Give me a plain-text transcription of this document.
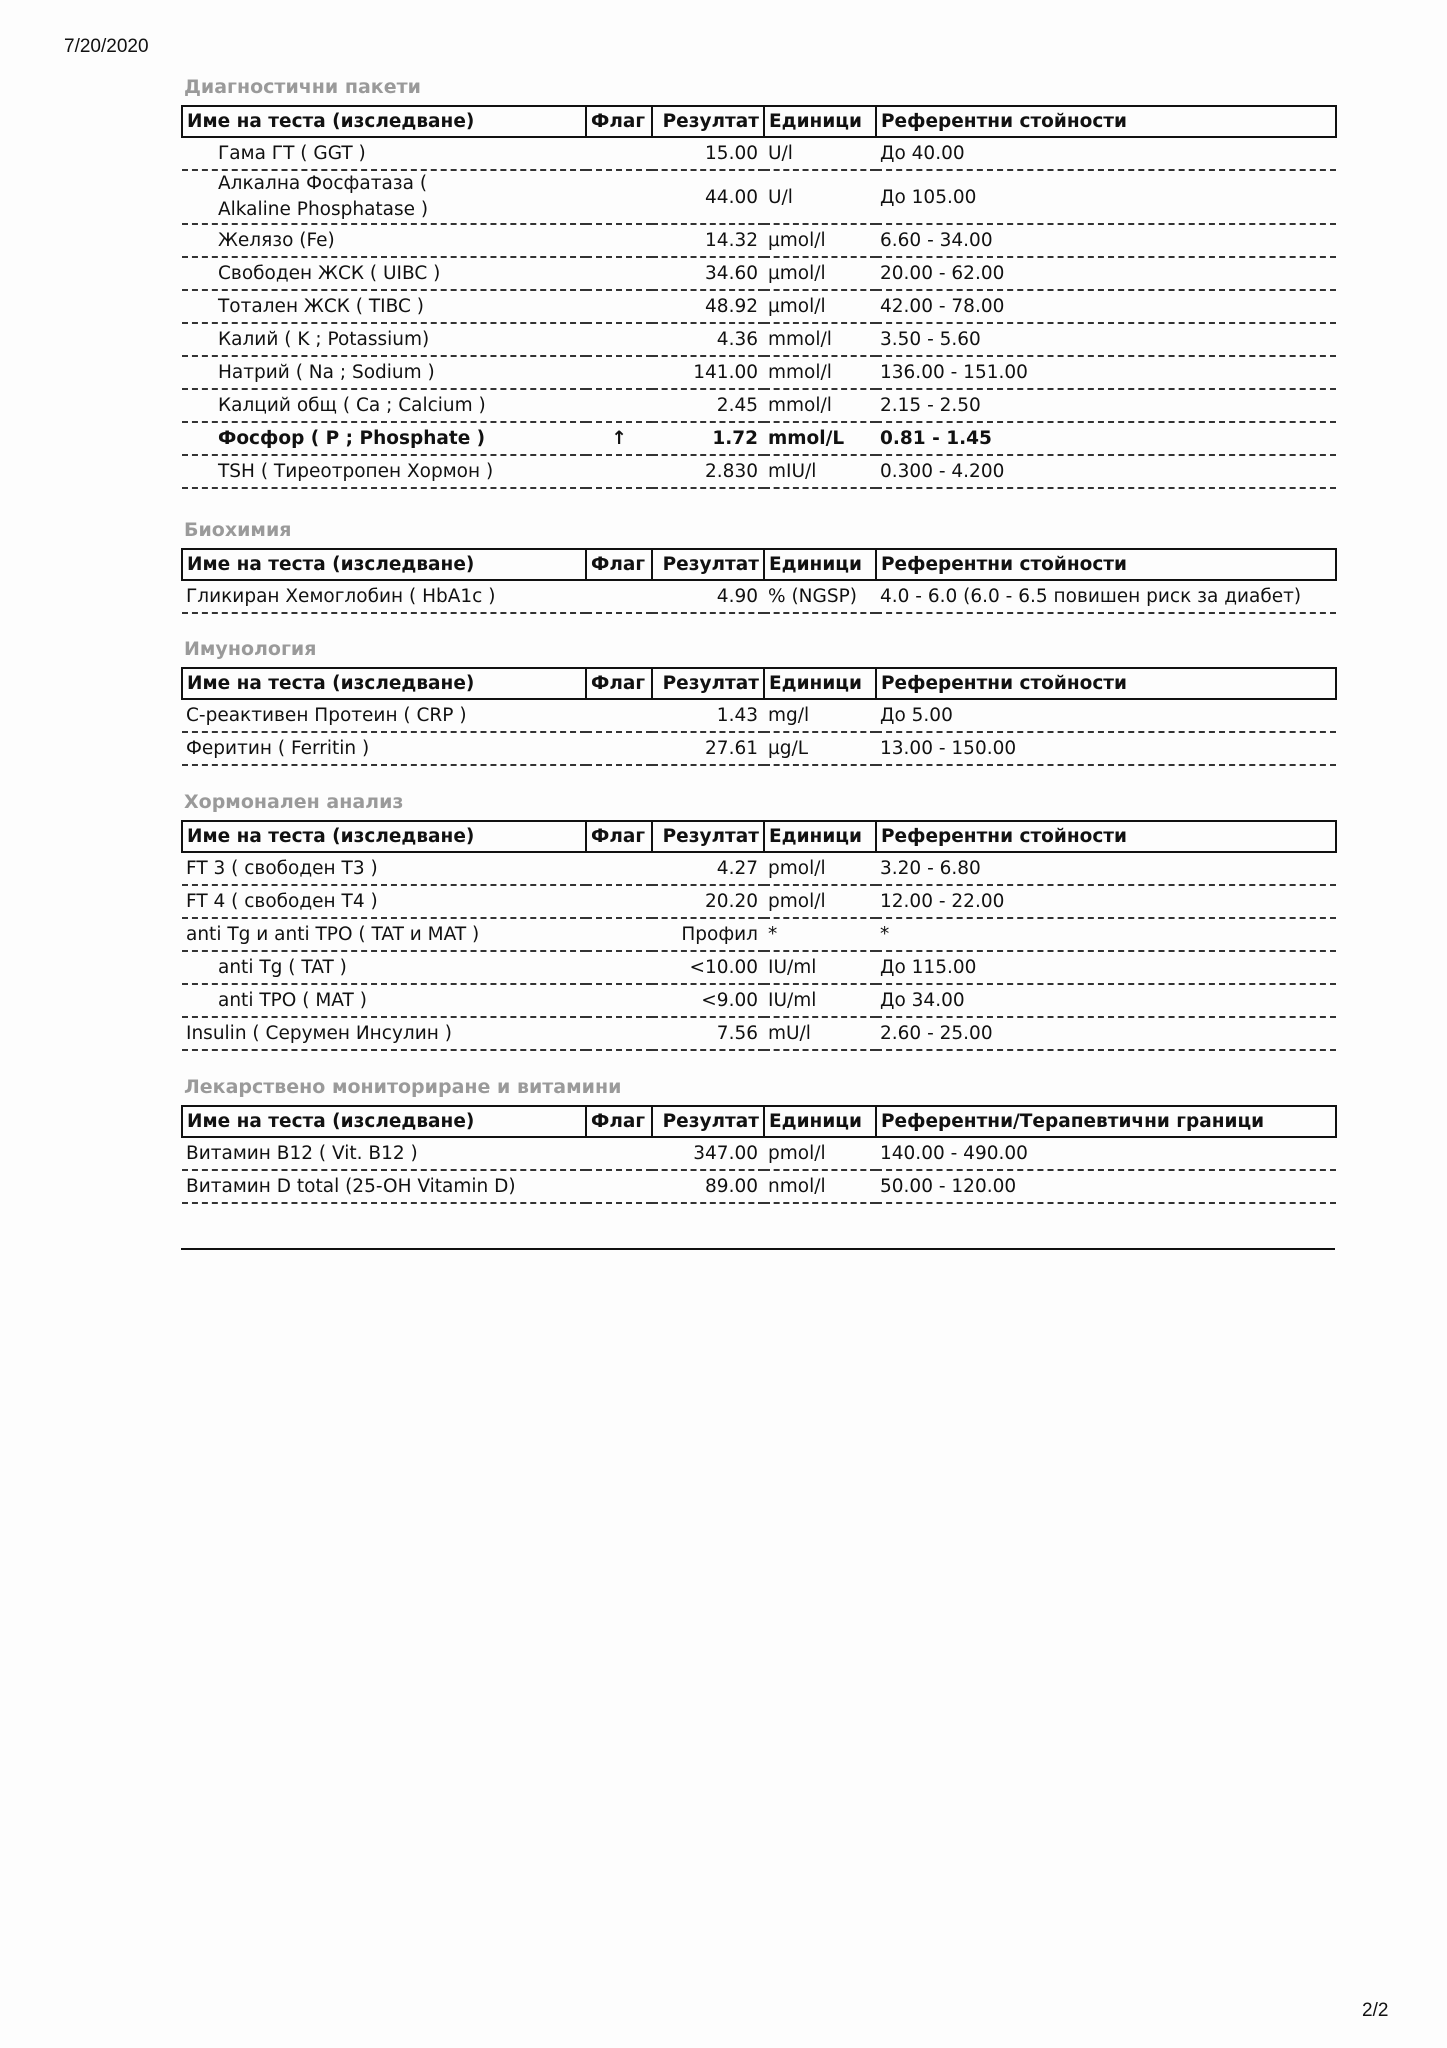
7/20/2020
Диагностични пакети
Име на теста (изследване)	Флаг	Резултат	Единици	Референтни стойности
Гама ГТ ( GGT )		15.00	U/l	До 40.00
Алкална Фосфатаза ( Alkaline Phosphatase )		44.00	U/l	До 105.00
Желязо (Fe)		14.32	µmol/l	6.60 - 34.00
Свободен ЖСК ( UIBC )		34.60	µmol/l	20.00 - 62.00
Тотален ЖСК ( TIBC )		48.92	µmol/l	42.00 - 78.00
Калий ( K ; Potassium)		4.36	mmol/l	3.50 - 5.60
Натрий ( Na ; Sodium )		141.00	mmol/l	136.00 - 151.00
Калций общ ( Ca ; Calcium )		2.45	mmol/l	2.15 - 2.50
Фосфор ( P ; Phosphate )	↑	1.72	mmol/L	0.81 - 1.45
TSH ( Тиреотропен Хормон )		2.830	mIU/l	0.300 - 4.200
Биохимия
Име на теста (изследване)	Флаг	Резултат	Единици	Референтни стойности
Гликиран Хемоглобин ( HbA1c )		4.90	% (NGSP)	4.0 - 6.0 (6.0 - 6.5 повишен риск за диабет)
Имунология
Име на теста (изследване)	Флаг	Резултат	Единици	Референтни стойности
С-реактивен Протеин ( CRP )		1.43	mg/l	До 5.00
Феритин ( Ferritin )		27.61	µg/L	13.00 - 150.00
Хормонален анализ
Име на теста (изследване)	Флаг	Резултат	Единици	Референтни стойности
FT 3 ( свободен Т3 )		4.27	pmol/l	3.20 - 6.80
FT 4 ( свободен Т4 )		20.20	pmol/l	12.00 - 22.00
anti Tg и anti TPO ( TAT и MAT )		Профил	*	*
anti Tg ( TAT )		<10.00	IU/ml	До 115.00
anti TPO ( MAT )		<9.00	IU/ml	До 34.00
Insulin ( Серумен Инсулин )		7.56	mU/l	2.60 - 25.00
Лекарствено мониториране и витамини
Име на теста (изследване)	Флаг	Резултат	Единици	Референтни/Терапевтични граници
Витамин B12 ( Vit. B12 )		347.00	pmol/l	140.00 - 490.00
Витамин D total (25-OH Vitamin D)		89.00	nmol/l	50.00 - 120.00
2/2
